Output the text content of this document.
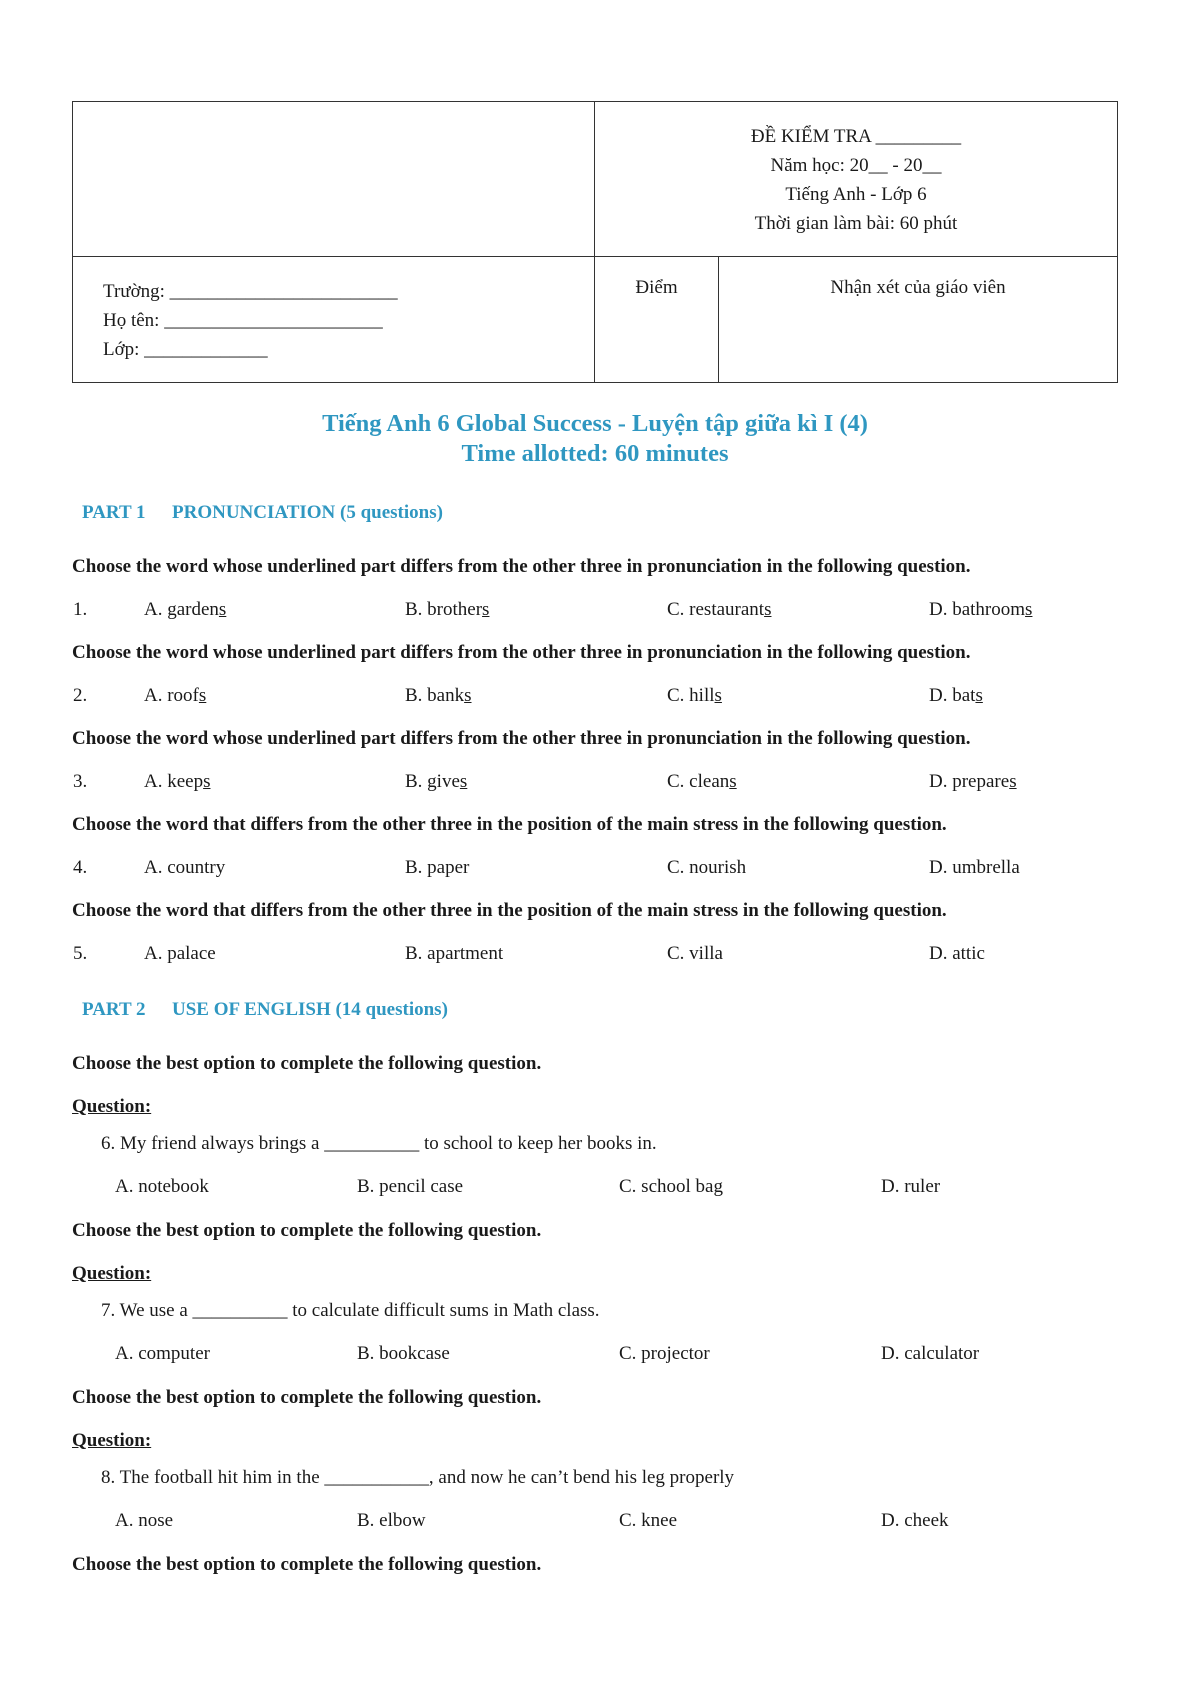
ĐỀ KIỂM TRA _________
Năm học: 20__ - 20__
Tiếng Anh - Lớp 6
Thời gian làm bài: 60 phút
Trường: ________________________
Họ tên: _______________________
Lớp: _____________
Điểm	Nhận xét của giáo viên
Tiếng Anh 6 Global Success - Luyện tập giữa kì I (4)
Time allotted: 60 minutes
PART 1 PRONUNCIATION (5 questions)
Choose the word whose underlined part differs from the other three in pronunciation in the following question.
1.	A. gardens	B. brothers	C. restaurants	D. bathrooms
Choose the word whose underlined part differs from the other three in pronunciation in the following question.
2.	A. roofs	B. banks	C. hills	D. bats
Choose the word whose underlined part differs from the other three in pronunciation in the following question.
3.	A. keeps	B. gives	C. cleans	D. prepares
Choose the word that differs from the other three in the position of the main stress in the following question.
4.	A. country	B. paper	C. nourish	D. umbrella
Choose the word that differs from the other three in the position of the main stress in the following question.
5.	A. palace	B. apartment	C. villa	D. attic
PART 2 USE OF ENGLISH (14 questions)
Choose the best option to complete the following question.
Question:
6. My friend always brings a __________ to school to keep her books in.
A. notebook	B. pencil case	C. school bag	D. ruler
Choose the best option to complete the following question.
Question:
7. We use a __________ to calculate difficult sums in Math class.
A. computer	B. bookcase	C. projector	D. calculator
Choose the best option to complete the following question.
Question:
8. The football hit him in the ___________, and now he can’t bend his leg properly
A. nose	B. elbow	C. knee	D. cheek
Choose the best option to complete the following question.
